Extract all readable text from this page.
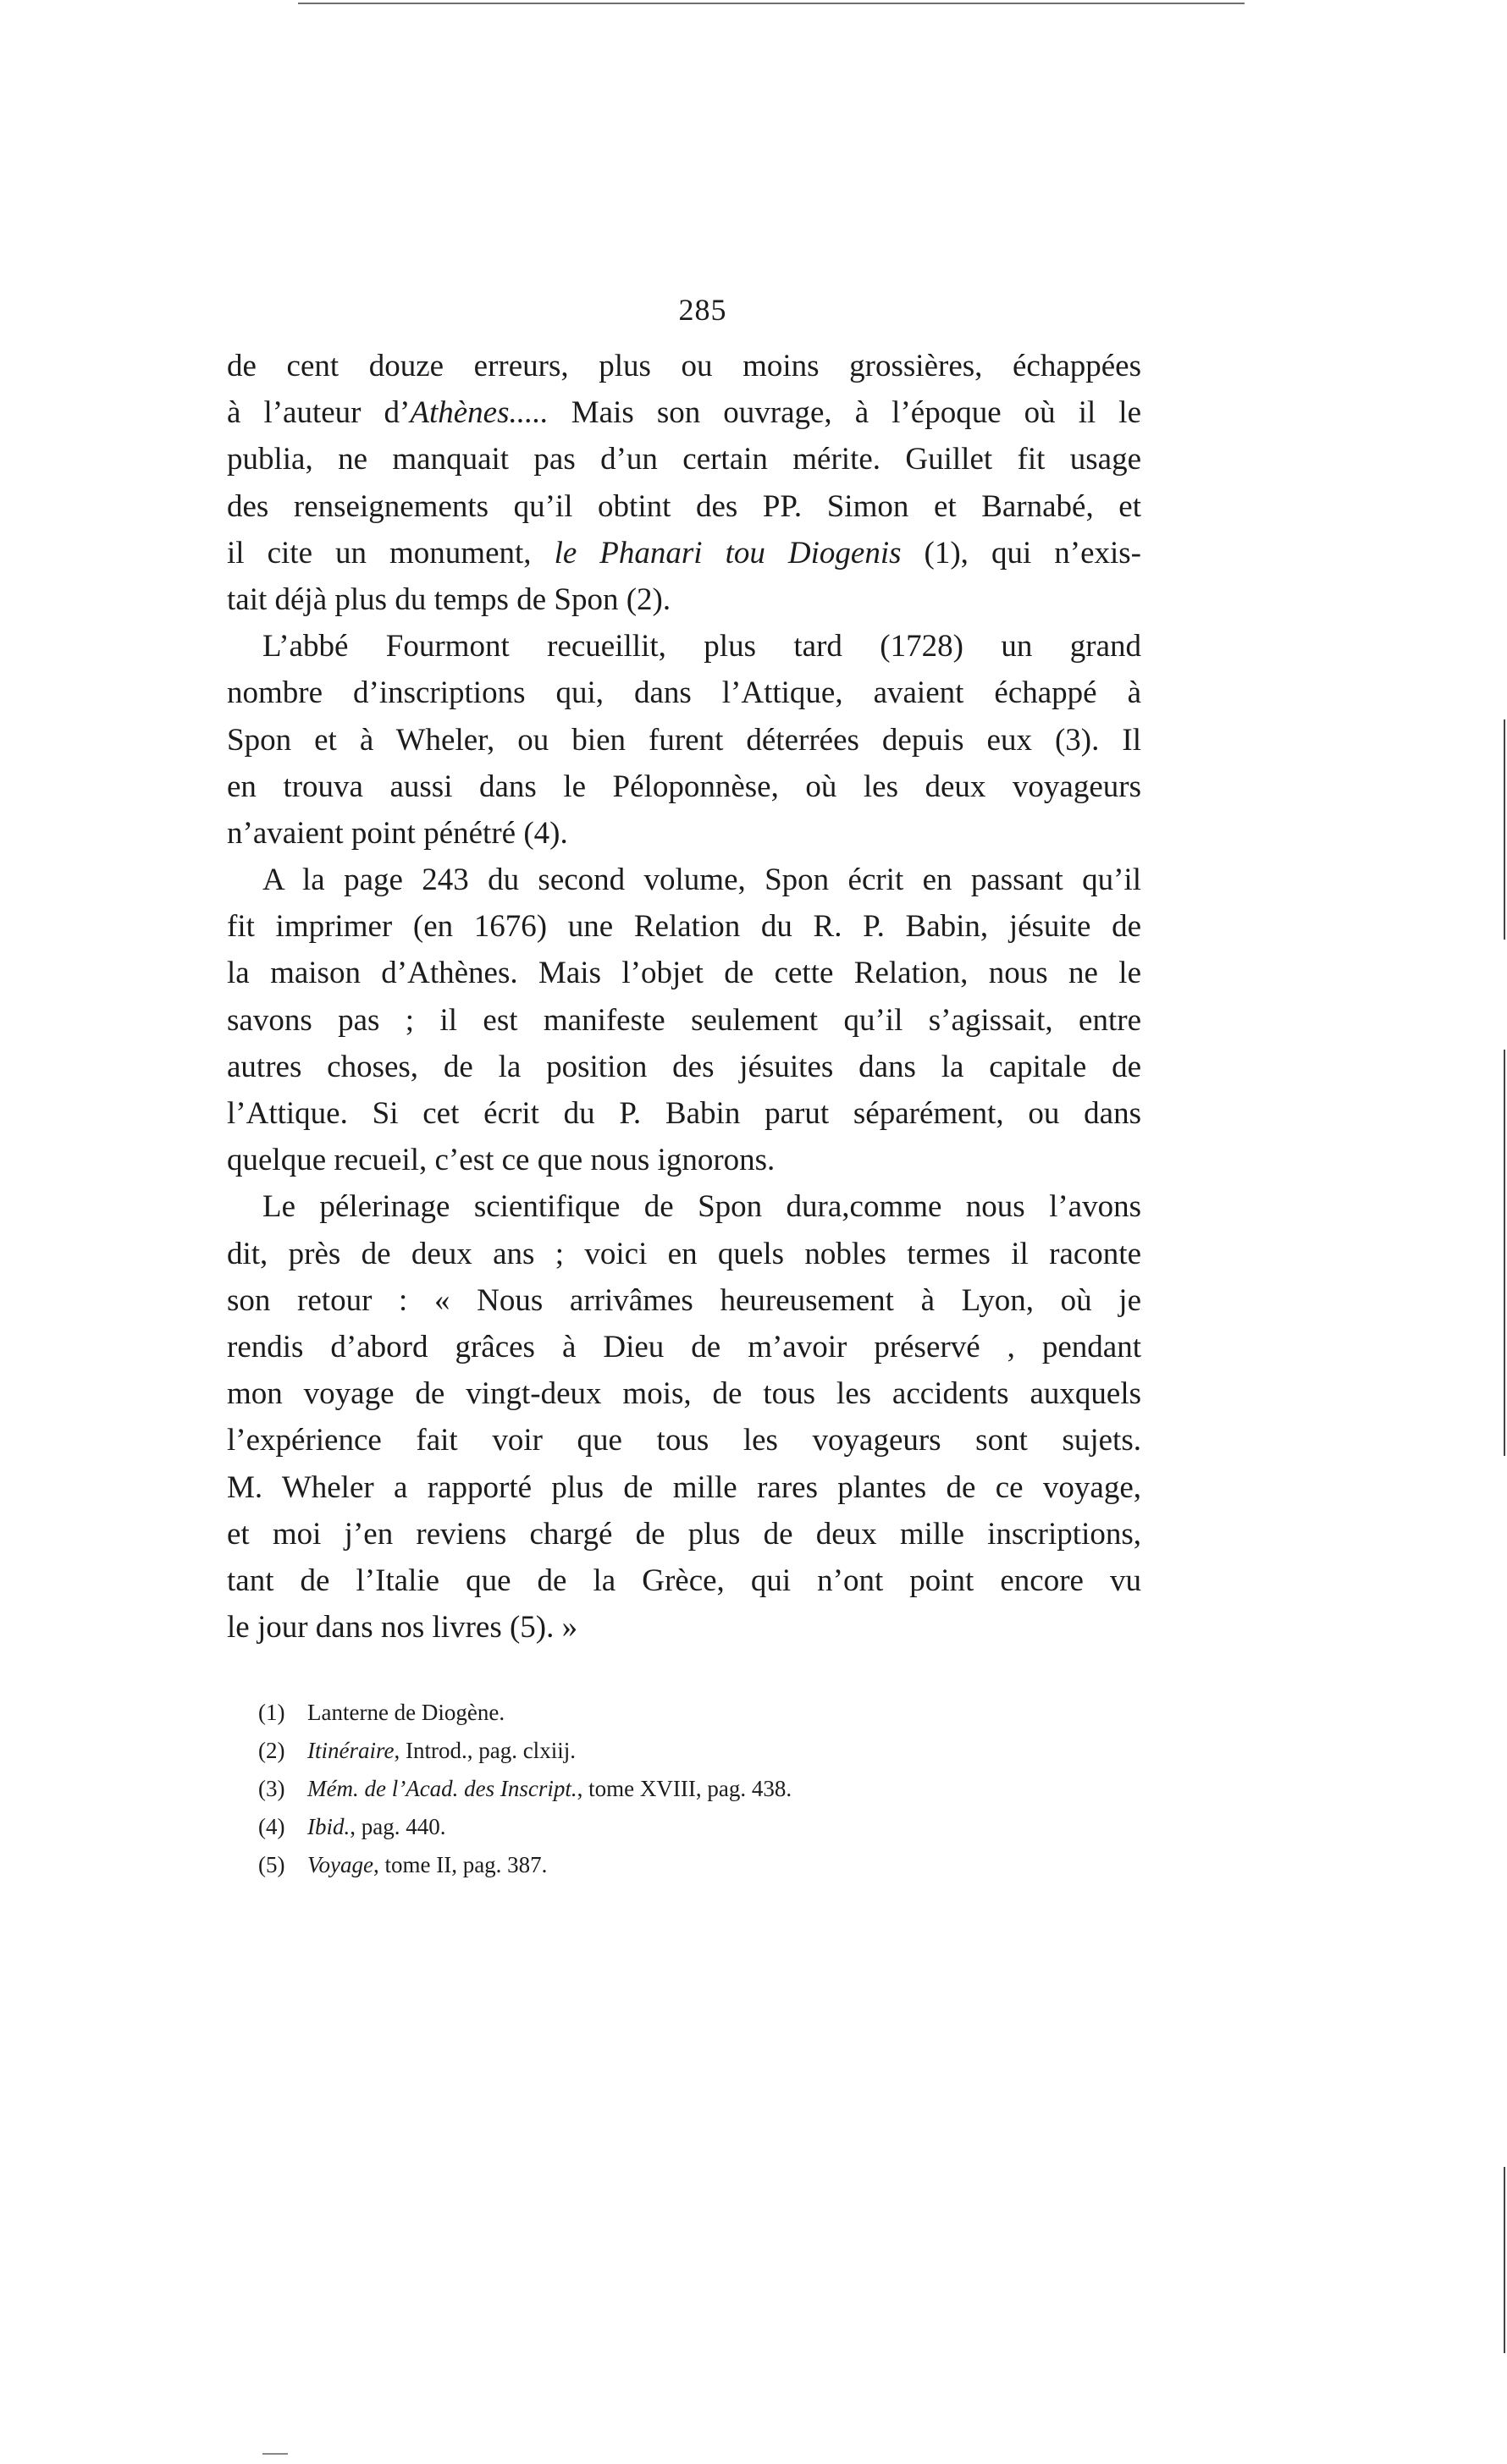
285
de cent douze erreurs, plus ou moins grossières, échappées
à l’auteur d’Athènes..... Mais son ouvrage, à l’époque où il le
publia, ne manquait pas d’un certain mérite. Guillet fit usage
des renseignements qu’il obtint des PP. Simon et Barnabé, et
il cite un monument, le Phanari tou Diogenis (1), qui n’exis-
tait déjà plus du temps de Spon (2).
L’abbé Fourmont recueillit, plus tard (1728) un grand
nombre d’inscriptions qui, dans l’Attique, avaient échappé à
Spon et à Wheler, ou bien furent déterrées depuis eux (3). Il
en trouva aussi dans le Péloponnèse, où les deux voyageurs
n’avaient point pénétré (4).
A la page 243 du second volume, Spon écrit en passant qu’il
fit imprimer (en 1676) une Relation du R. P. Babin, jésuite de
la maison d’Athènes. Mais l’objet de cette Relation, nous ne le
savons pas ; il est manifeste seulement qu’il s’agissait, entre
autres choses, de la position des jésuites dans la capitale de
l’Attique. Si cet écrit du P. Babin parut séparément, ou dans
quelque recueil, c’est ce que nous ignorons.
Le pélerinage scientifique de Spon dura,comme nous l’avons
dit, près de deux ans ; voici en quels nobles termes il raconte
son retour : « Nous arrivâmes heureusement à Lyon, où je
rendis d’abord grâces à Dieu de m’avoir préservé , pendant
mon voyage de vingt-deux mois, de tous les accidents auxquels
l’expérience fait voir que tous les voyageurs sont sujets.
M. Wheler a rapporté plus de mille rares plantes de ce voyage,
et moi j’en reviens chargé de plus de deux mille inscriptions,
tant de l’Italie que de la Grèce, qui n’ont point encore vu
le jour dans nos livres (5). »
(1) Lanterne de Diogène.
(2) Itinéraire, Introd., pag. clxiij.
(3) Mém. de l’Acad. des Inscript., tome XVIII, pag. 438.
(4) Ibid., pag. 440.
(5) Voyage, tome II, pag. 387.
